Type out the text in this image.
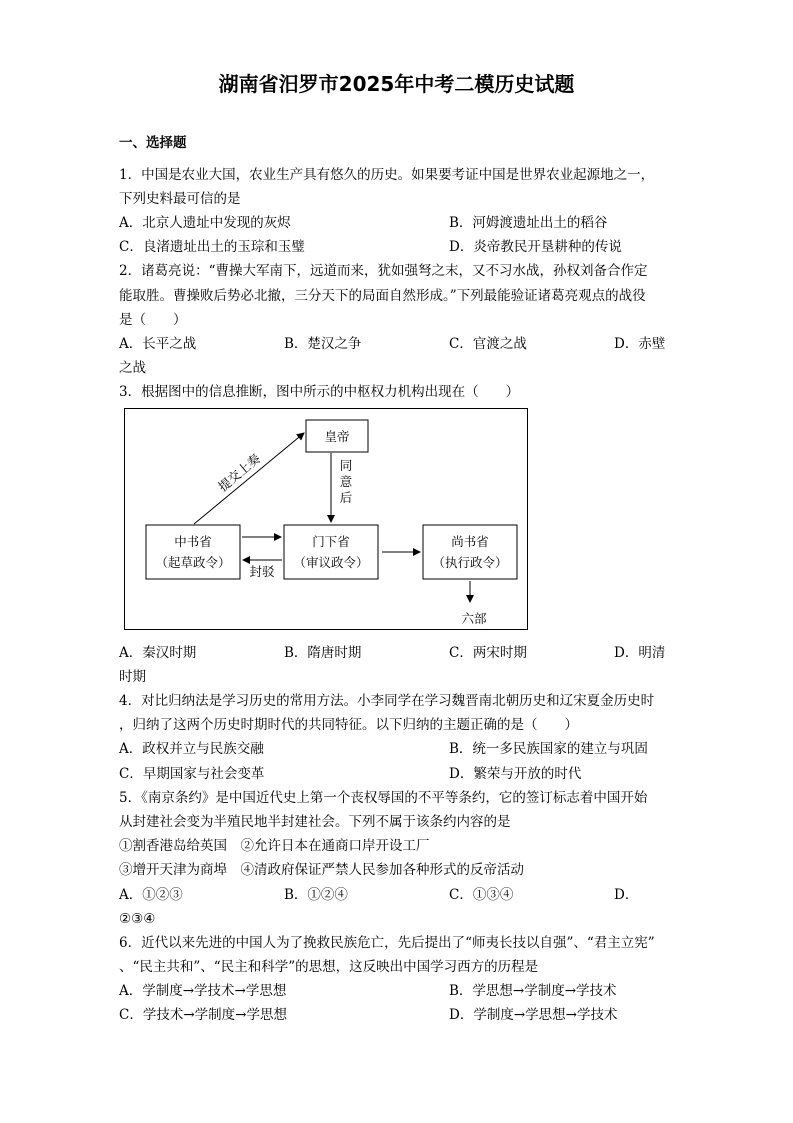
湖南省汨罗市2025年中考二模历史试题
一、选择题
1．中国是农业大国，农业生产具有悠久的历史。如果要考证中国是世界农业起源地之一，
下列史料最可信的是
A．北京人遗址中发现的灰烬	B．河姆渡遗址出土的稻谷
C．良渚遗址出土的玉琮和玉璧	D．炎帝教民开垦耕种的传说
2．诸葛亮说：“曹操大军南下，远道而来，犹如强弩之末，又不习水战，孙权刘备合作定
能取胜。曹操败后势必北撤，三分天下的局面自然形成。”下列最能验证诸葛亮观点的战役
是（　　）
A．长平之战	B．楚汉之争	C．官渡之战	D．赤壁
之战
3．根据图中的信息推断，图中所示的中枢权力机构出现在（　　）
皇帝
中书省
（起草政令）
门下省
（审议政令）
尚书省
（执行政令）
提交上奏	同
意
后
封驳
六部
A．秦汉时期	B．隋唐时期	C．两宋时期	D．明清
时期
4．对比归纳法是学习历史的常用方法。小李同学在学习魏晋南北朝历史和辽宋夏金历史时
，归纳了这两个历史时期时代的共同特征。以下归纳的主题正确的是（　　）
A．政权并立与民族交融	B．统一多民族国家的建立与巩固
C．早期国家与社会变革	D．繁荣与开放的时代
5．《南京条约》是中国近代史上第一个丧权辱国的不平等条约，它的签订标志着中国开始
从封建社会变为半殖民地半封建社会。下列不属于该条约内容的是
①割香港岛给英国　②允许日本在通商口岸开设工厂
③增开天津为商埠　④清政府保证严禁人民参加各种形式的反帝活动
A．①②③	B．①②④	C．①③④	D．
②③④
6．近代以来先进的中国人为了挽救民族危亡，先后提出了“师夷长技以自强”、“君主立宪”
、“民主共和”、“民主和科学”的思想，这反映出中国学习西方的历程是
A．学制度→学技术→学思想	B．学思想→学制度→学技术
C．学技术→学制度→学思想	D．学制度→学思想→学技术
